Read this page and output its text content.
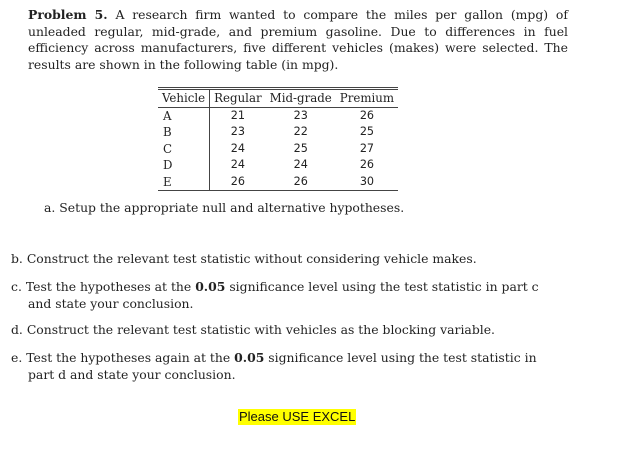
Problem 5. A research firm wanted to compare the miles per gallon (mpg) of unleaded regular, mid-grade, and premium gasoline. Due to differences in fuel efficiency across manufacturers, five different vehicles (makes) were selected. The results are shown in the following table (in mpg).
Vehicle	Regular	Mid-grade	Premium
A	21	23	26
B	23	22	25
C	24	25	27
D	24	24	26
E	26	26	30
a. Setup the appropriate null and alternative hypotheses.
b. Construct the relevant test statistic without considering vehicle makes.
c. Test the hypotheses at the 0.05 significance level using the test statistic in part c
and state your conclusion.
d. Construct the relevant test statistic with vehicles as the blocking variable.
e. Test the hypotheses again at the 0.05 significance level using the test statistic in
part d and state your conclusion.
Please USE EXCEL
